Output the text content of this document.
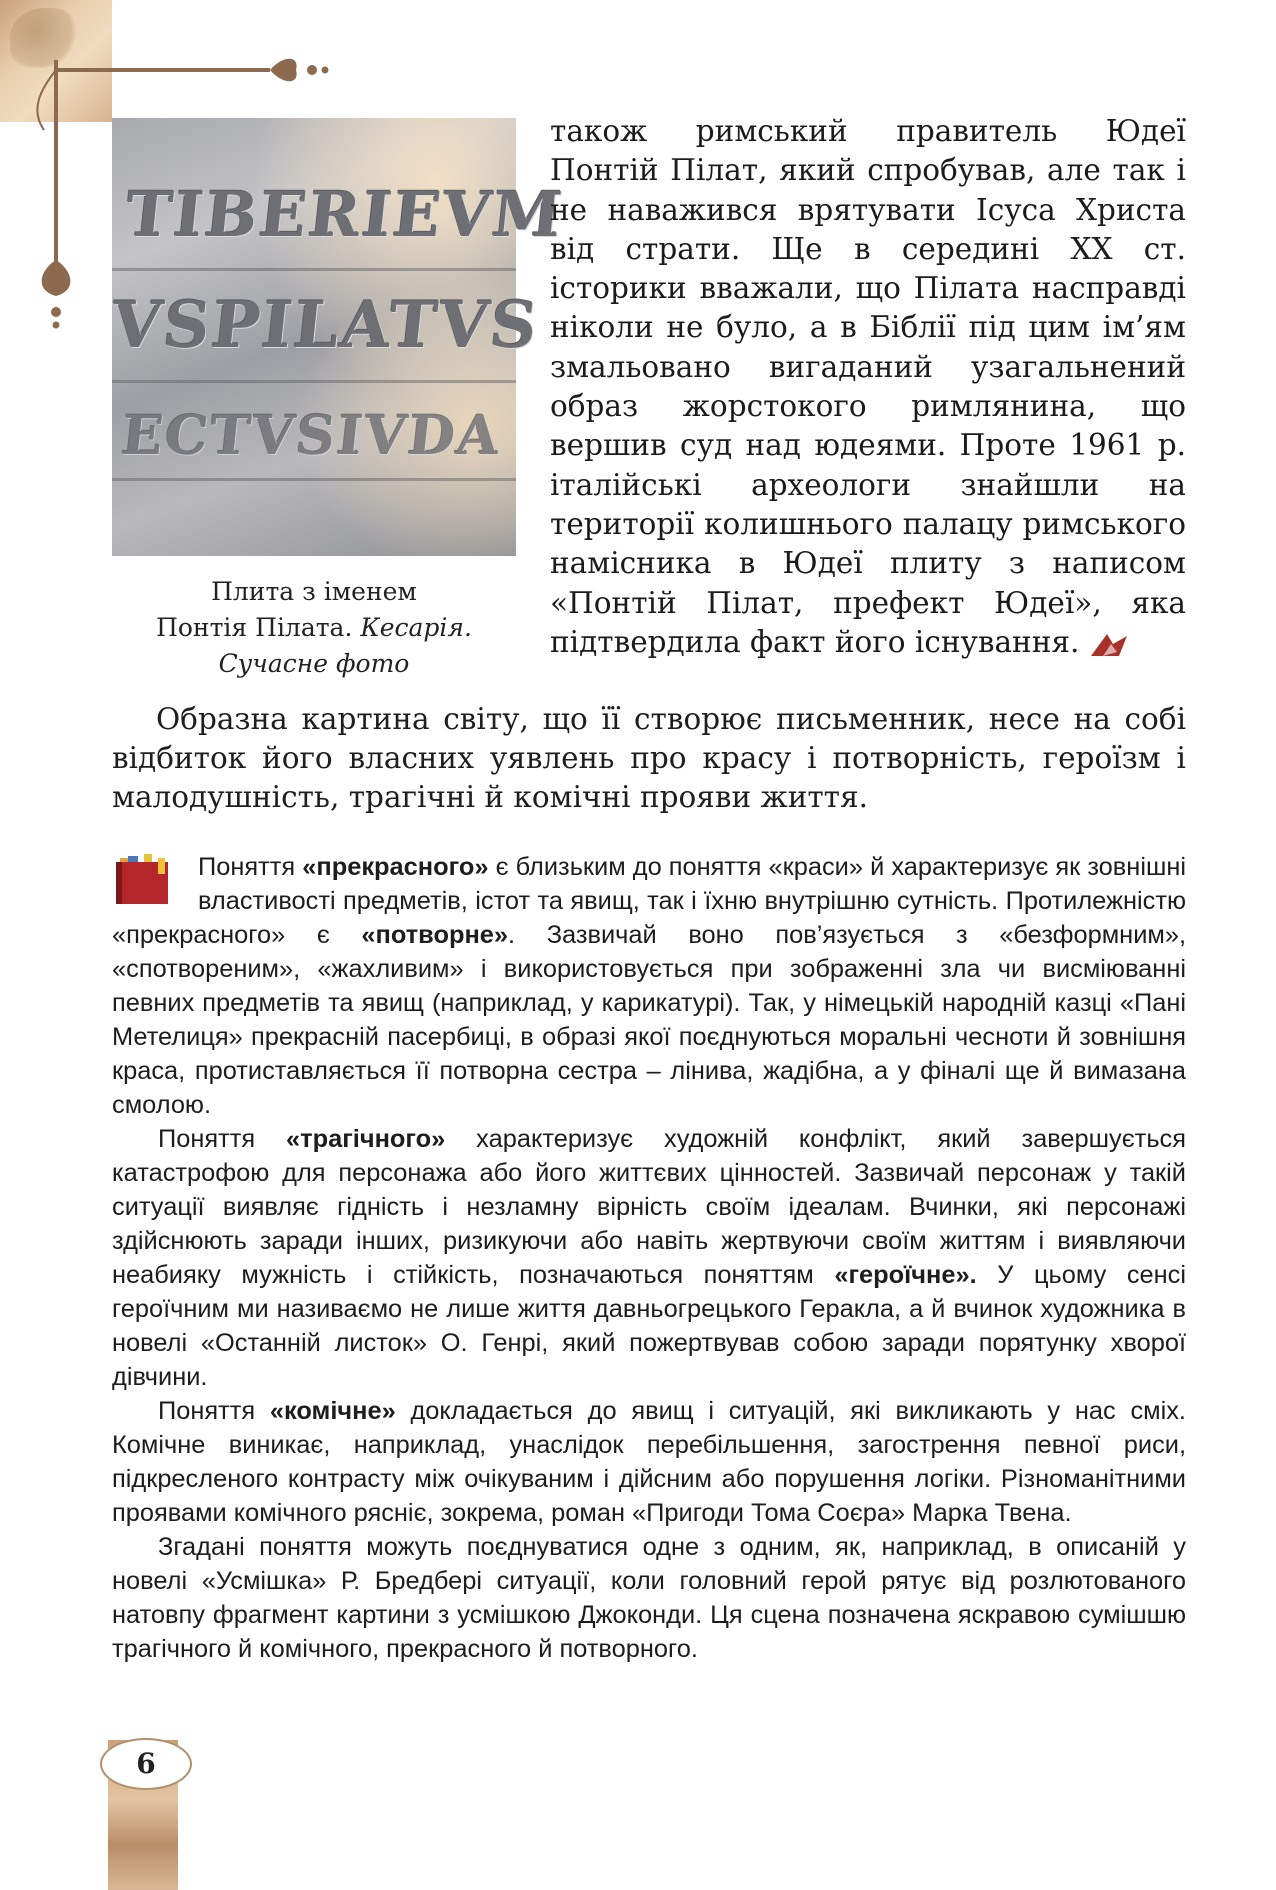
TIBERIEVM
VSPILATVS
ECTVSIVDA
Плита з іменем
Понтія Пілата. Кесарія.
Сучасне фото
також римський правитель Юдеї Понтій Пілат, який спробував, але так і не наважився врятувати Ісуса Христа від страти. Ще в середині XX ст. історики вважали, що Пілата насправді ніколи не було, а в Біблії під цим ім’ям змальовано вигаданий узагальнений образ жорстокого римлянина, що вершив суд над юдеями. Проте 1961 р. італійські археологи знайшли на території колишнього палацу римського намісника в Юдеї плиту з написом «Понтій Пілат, префект Юдеї», яка підтвердила факт його існування.
Образна картина світу, що її створює письменник, несе на собі відбиток його власних уявлень про красу і потворність, героїзм і малодушність, трагічні й комічні прояви життя.

Поняття «прекрасного» є близьким до поняття «краси» й характеризує як зовнішні властивості предметів, істот та явищ, так і їхню внутрішню сутність. Протилежністю «прекрасного» є «потворне». Зазвичай воно пов’язується з «безформним», «спотвореним», «жахливим» і використовується при зображенні зла чи висміюванні певних предметів та явищ (наприклад, у карикатурі). Так, у німецькій народній казці «Пані Метелиця» прекрасній пасербиці, в образі якої поєднуються моральні чесноти й зовнішня краса, протиставляється її потворна сестра – лінива, жадібна, а у фіналі ще й вимазана смолою.

Поняття «трагічного» характеризує художній конфлікт, який завершується катастрофою для персонажа або його життєвих цінностей. Зазвичай персонаж у такій ситуації виявляє гідність і незламну вірність своїм ідеалам. Вчинки, які персонажі здійснюють заради інших, ризикуючи або навіть жертвуючи своїм життям і виявляючи неабияку мужність і стійкість, позначаються поняттям «героїчне». У цьому сенсі героїчним ми називаємо не лише життя давньогрецького Геракла, а й вчинок художника в новелі «Останній листок» О. Генрі, який пожертвував собою заради порятунку хворої дівчини.

Поняття «комічне» докладається до явищ і ситуацій, які викликають у нас сміх. Комічне виникає, наприклад, унаслідок перебільшення, загострення певної риси, підкресленого контрасту між очікуваним і дійсним або порушення логіки. Різноманітними проявами комічного рясніє, зокрема, роман «Пригоди Тома Соєра» Марка Твена.

Згадані поняття можуть поєднуватися одне з одним, як, наприклад, в описаній у новелі «Усмішка» Р. Бредбері ситуації, коли головний герой рятує від розлютованого натовпу фрагмент картини з усмішкою Джоконди. Ця сцена позначена яскравою сумішшю трагічного й комічного, прекрасного й потворного.

6
